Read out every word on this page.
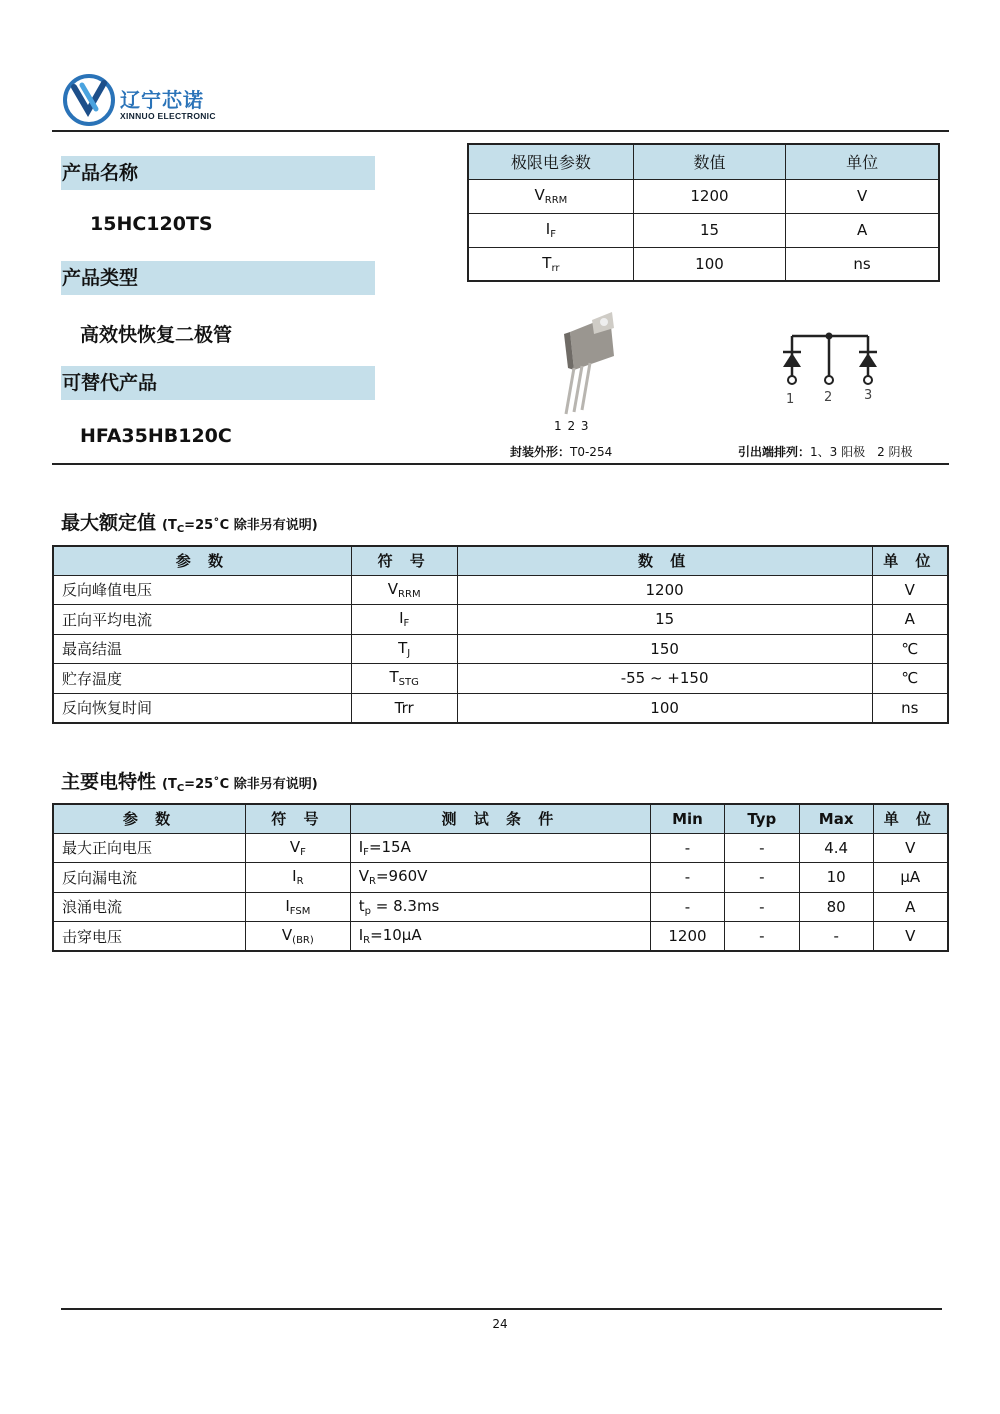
辽宁芯诺
XINNUO ELECTRONIC
产品名称
15HC120TS
产品类型
高效快恢复二极管
可替代产品
HFA35HB120C
极限电参数	数值	单位
$V_{RRM}$	1200	V
$I_F$	15	A
$T_{rr}$	100	ns
1 2 3
封装外形：T0-254
1 2 3
引出端排列：1、3 阳极　2 阴极
最大额定值 ($T_C=25˚C$ 除非另有说明)
参 数	符 号	数 值	单 位
反向峰值电压	$V_{RRM}$	1200	V
正向平均电流	$I_F$	15	A
最高结温	$T_J$	150	℃
贮存温度	$T_{STG}$	-55 ~ +150	℃
反向恢复时间	Trr	100	ns
主要电特性 ($T_C=25˚C$ 除非另有说明)
参 数	符 号	测 试 条 件	Min	Typ	Max	单 位
最大正向电压	$V_F$	$I_F=15A$	-	-	4.4	V
反向漏电流	$I_R$	$V_R=960V$	-	-	10	μA
浪涌电流	$I_{FSM}$	$t_p = 8.3ms$	-	-	80	A
击穿电压	$V_{(BR)}$	$I_R=10\mu A$	1200	-	-	V
24
